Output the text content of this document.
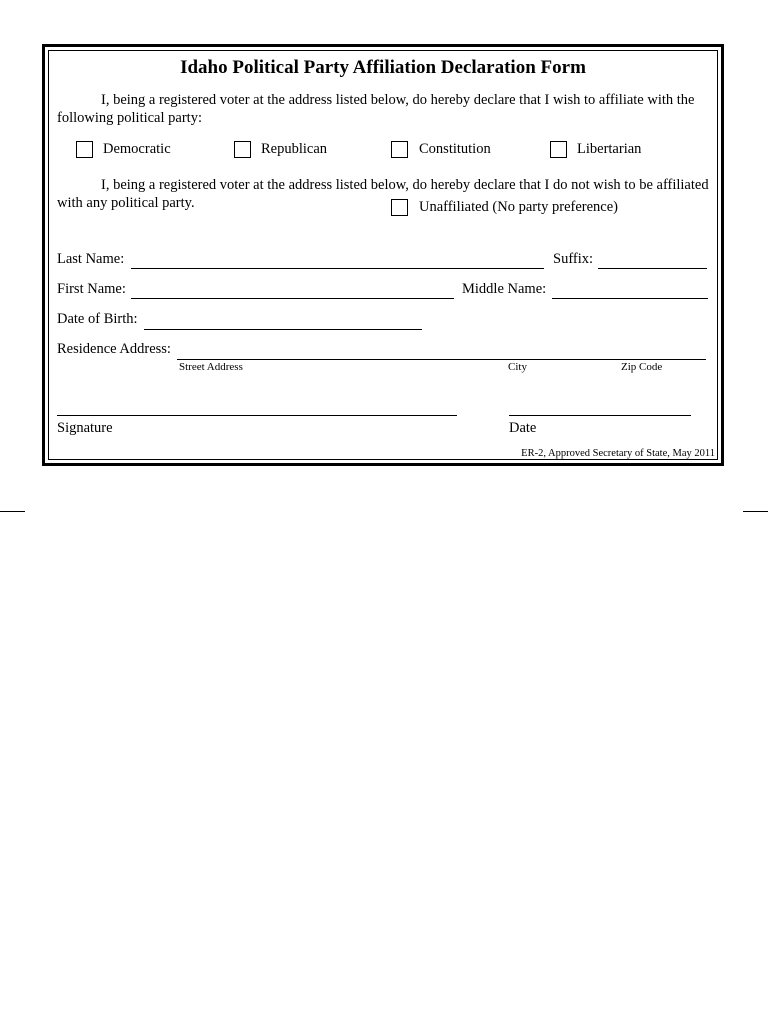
Idaho Political Party Affiliation Declaration Form
I, being a registered voter at the address listed below, do hereby declare that I wish to affiliate with the following political party:
Democratic	Republican	Constitution	Libertarian
I, being a registered voter at the address listed below, do hereby declare that I do not wish to be affiliated with any political party.	Unaffiliated (No party preference)
Last Name:	Suffix:
First Name:	Middle Name:
Date of Birth:
Residence Address:
Street Address	City	Zip Code
Signature	Date
ER-2, Approved Secretary of State, May 2011
